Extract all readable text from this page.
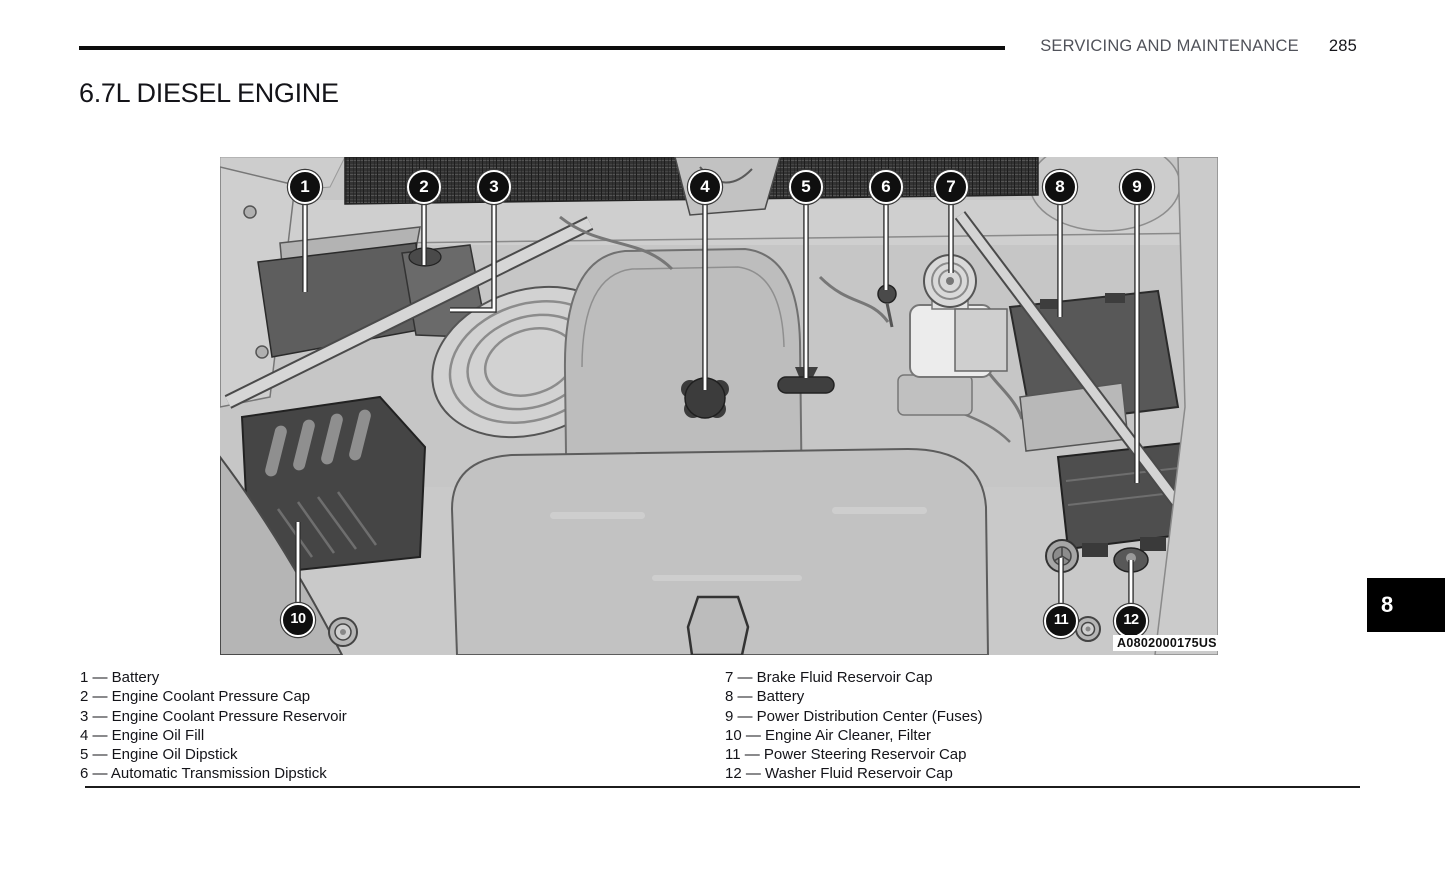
SERVICING AND MAINTENANCE 285
6.7L DIESEL ENGINE
1	2	3	4	5	6	7	8	9
10	11	12
A0802000175US
1 — Battery
2 — Engine Coolant Pressure Cap
3 — Engine Coolant Pressure Reservoir
4 — Engine Oil Fill
5 — Engine Oil Dipstick
6 — Automatic Transmission Dipstick
7 — Brake Fluid Reservoir Cap
8 — Battery
9 — Power Distribution Center (Fuses)
10 — Engine Air Cleaner, Filter
11 — Power Steering Reservoir Cap
12 — Washer Fluid Reservoir Cap
8
